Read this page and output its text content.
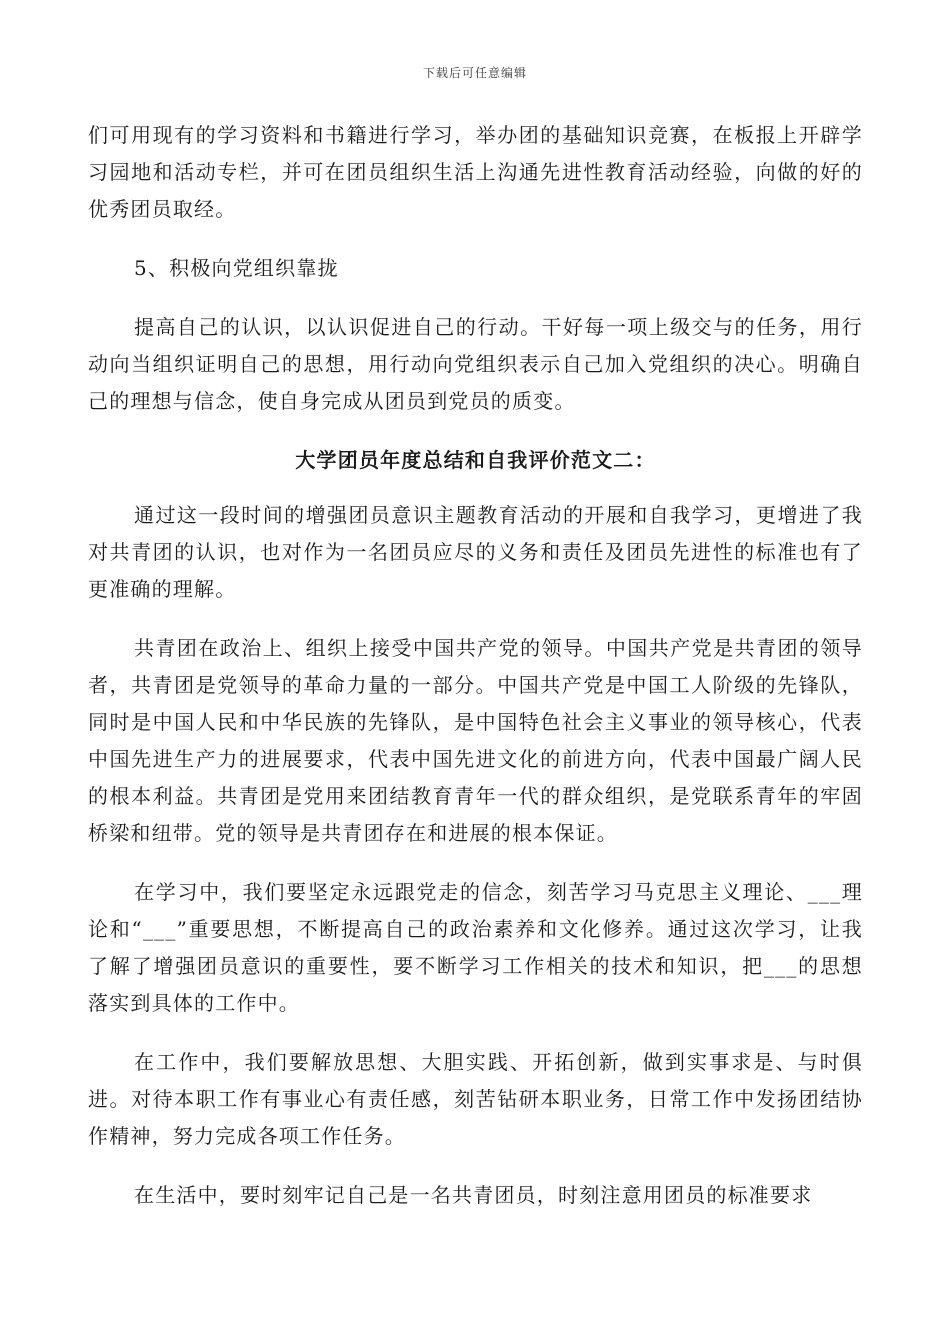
下载后可任意编辑

们可用现有的学习资料和书籍进行学习，举办团的基础知识竞赛，在板报上开辟学习园地和活动专栏，并可在团员组织生活上沟通先进性教育活动经验，向做的好的优秀团员取经。

5、积极向党组织靠拢

提高自己的认识，以认识促进自己的行动。干好每一项上级交与的任务，用行动向当组织证明自己的思想，用行动向党组织表示自己加入党组织的决心。明确自己的理想与信念，使自身完成从团员到党员的质变。

大学团员年度总结和自我评价范文二：

通过这一段时间的增强团员意识主题教育活动的开展和自我学习，更增进了我对共青团的认识，也对作为一名团员应尽的义务和责任及团员先进性的标准也有了更准确的理解。

共青团在政治上、组织上接受中国共产党的领导。中国共产党是共青团的领导者，共青团是党领导的革命力量的一部分。中国共产党是中国工人阶级的先锋队，同时是中国人民和中华民族的先锋队，是中国特色社会主义事业的领导核心，代表中国先进生产力的进展要求，代表中国先进文化的前进方向，代表中国最广阔人民的根本利益。共青团是党用来团结教育青年一代的群众组织，是党联系青年的牢固桥梁和纽带。党的领导是共青团存在和进展的根本保证。

在学习中，我们要坚定永远跟党走的信念，刻苦学习马克思主义理论、___理论和“___”重要思想，不断提高自己的政治素养和文化修养。通过这次学习，让我了解了增强团员意识的重要性，要不断学习工作相关的技术和知识，把___的思想落实到具体的工作中。

在工作中，我们要解放思想、大胆实践、开拓创新，做到实事求是、与时俱进。对待本职工作有事业心有责任感，刻苦钻研本职业务，日常工作中发扬团结协作精神，努力完成各项工作任务。

在生活中，要时刻牢记自己是一名共青团员，时刻注意用团员的标准要求
